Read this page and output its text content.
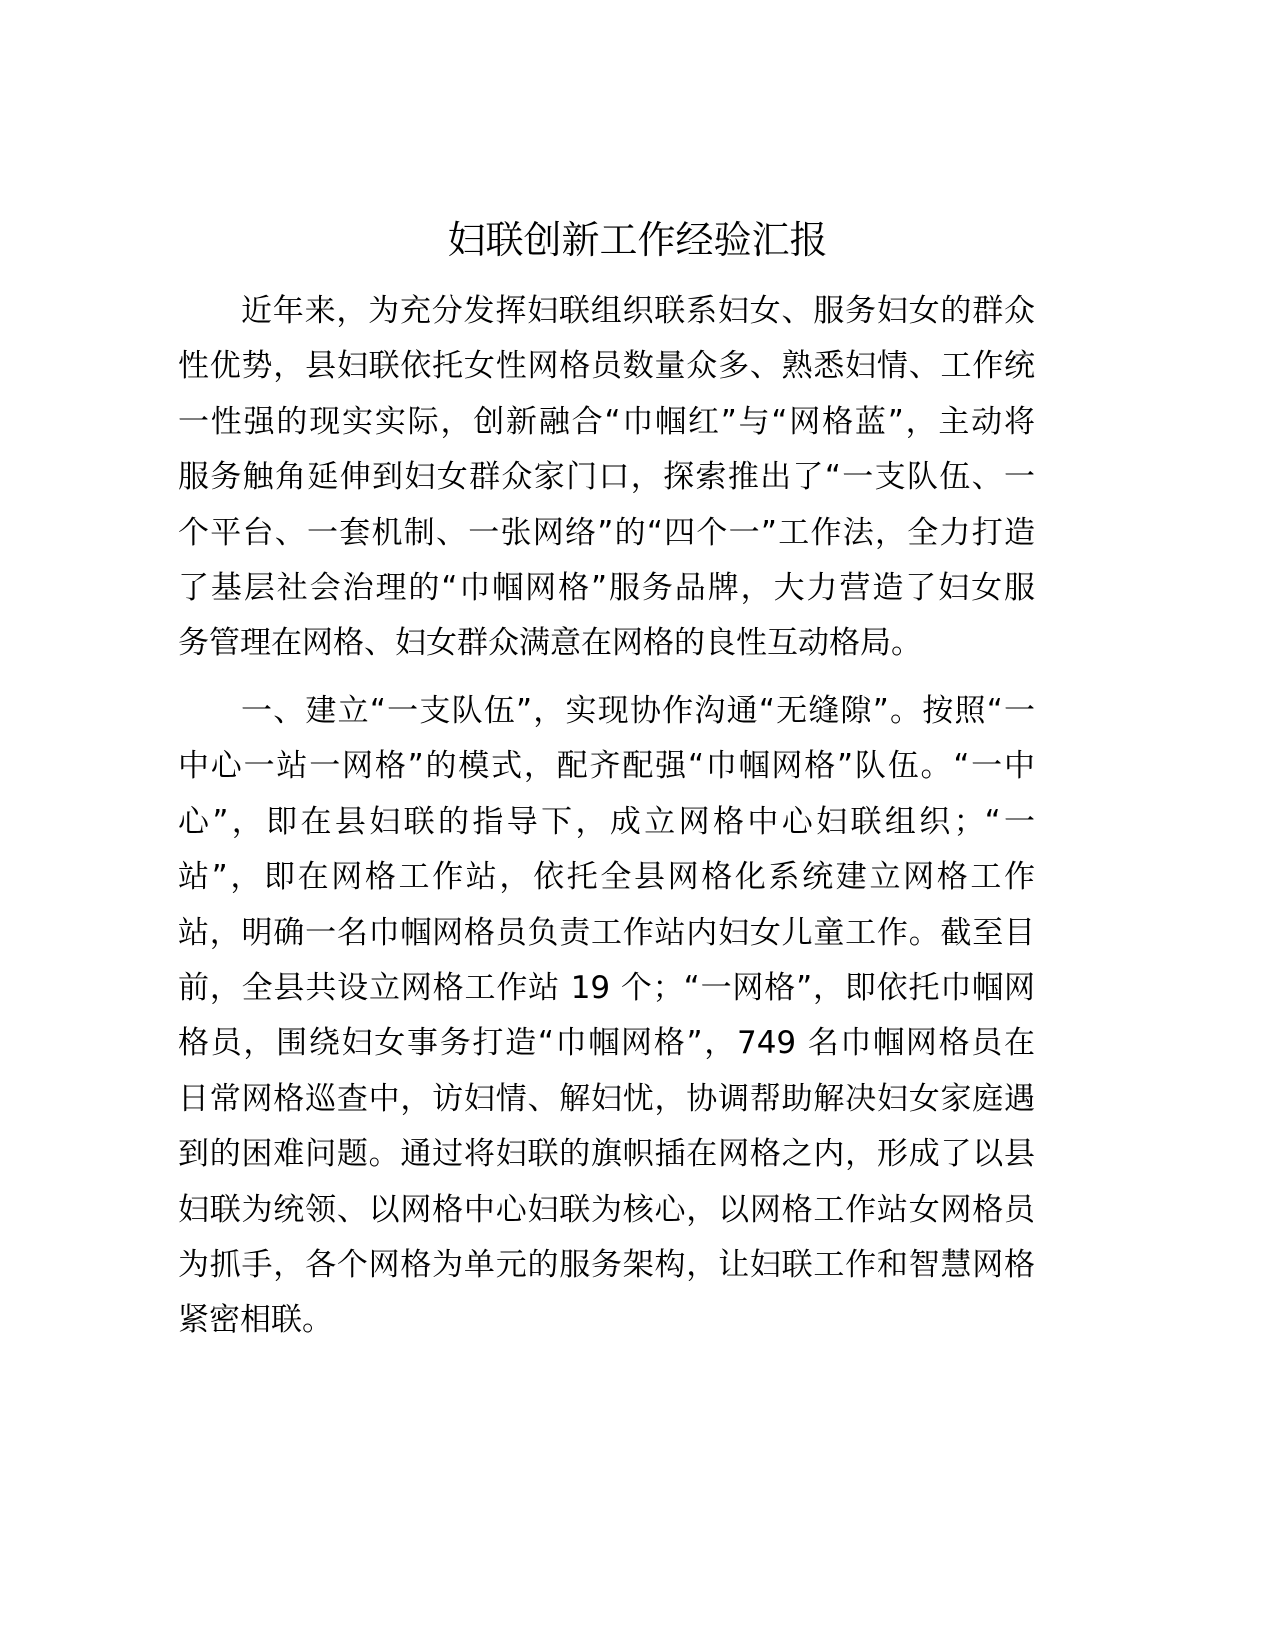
妇联创新工作经验汇报
近年来，为充分发挥妇联组织联系妇女、服务妇女的群众
性优势，县妇联依托女性网格员数量众多、熟悉妇情、工作统
一性强的现实实际，创新融合“巾帼红”与“网格蓝”，主动将
服务触角延伸到妇女群众家门口，探索推出了“一支队伍、一
个平台、一套机制、一张网络”的“四个一”工作法，全力打造
了基层社会治理的“巾帼网格”服务品牌，大力营造了妇女服
务管理在网格、妇女群众满意在网格的良性互动格局。
一、建立“一支队伍”，实现协作沟通“无缝隙”。按照“一
中心一站一网格”的模式，配齐配强“巾帼网格”队伍。“一中
心”，即在县妇联的指导下，成立网格中心妇联组织；“一
站”，即在网格工作站，依托全县网格化系统建立网格工作
站，明确一名巾帼网格员负责工作站内妇女儿童工作。截至目
前，全县共设立网格工作站 19 个；“一网格”，即依托巾帼网
格员，围绕妇女事务打造“巾帼网格”，749 名巾帼网格员在
日常网格巡查中，访妇情、解妇忧，协调帮助解决妇女家庭遇
到的困难问题。通过将妇联的旗帜插在网格之内，形成了以县
妇联为统领、以网格中心妇联为核心，以网格工作站女网格员
为抓手，各个网格为单元的服务架构，让妇联工作和智慧网格
紧密相联。
